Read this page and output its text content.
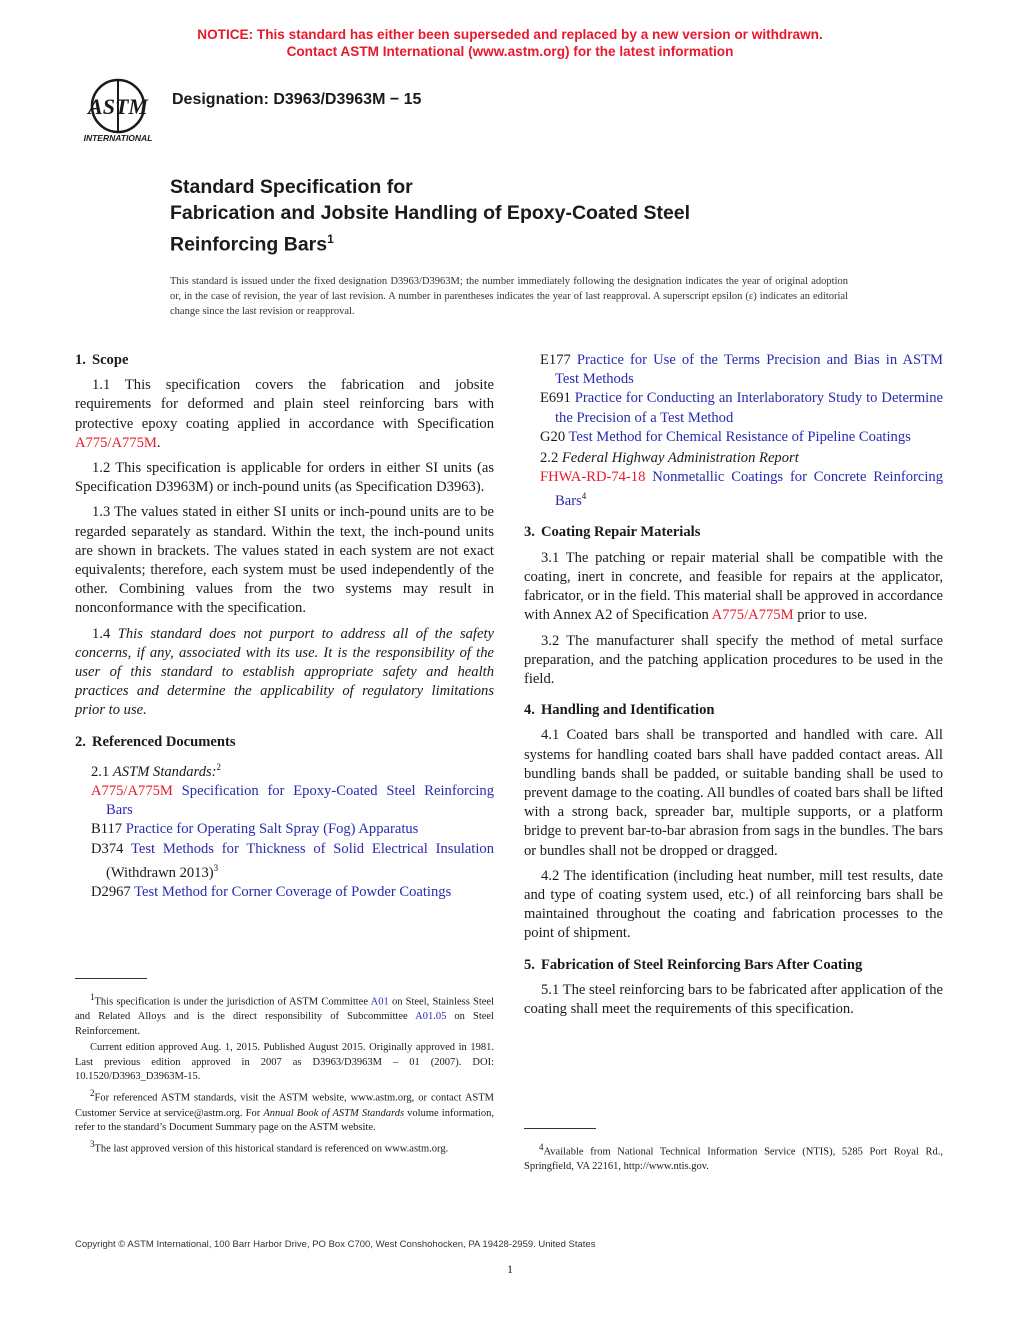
NOTICE: This standard has either been superseded and replaced by a new version or withdrawn.
Contact ASTM International (www.astm.org) for the latest information
ASTM
INTERNATIONAL
Designation: D3963/D3963M − 15
Standard Specification for
Fabrication and Jobsite Handling of Epoxy-Coated Steel
Reinforcing Bars$^1$
This standard is issued under the fixed designation D3963/D3963M; the number immediately following the designation indicates the year of original adoption or, in the case of revision, the year of last revision. A number in parentheses indicates the year of last reapproval. A superscript epsilon (ε) indicates an editorial change since the last revision or reapproval.
1. Scope

1.1 This specification covers the fabrication and jobsite requirements for deformed and plain steel reinforcing bars with protective epoxy coating applied in accordance with Specification A775/A775M.

1.2 This specification is applicable for orders in either SI units (as Specification D3963M) or inch-pound units (as Specification D3963).

1.3 The values stated in either SI units or inch-pound units are to be regarded separately as standard. Within the text, the inch-pound units are shown in brackets. The values stated in each system are not exact equivalents; therefore, each system must be used independently of the other. Combining values from the two systems may result in nonconformance with the specification.

1.4 This standard does not purport to address all of the safety concerns, if any, associated with its use. It is the responsibility of the user of this standard to establish appropriate safety and health practices and determine the applicability of regulatory limitations prior to use.

2. Referenced Documents
2.1 ASTM Standards:$^2$
A775/A775M Specification for Epoxy-Coated Steel Reinforcing Bars
B117 Practice for Operating Salt Spray (Fog) Apparatus
D374 Test Methods for Thickness of Solid Electrical Insulation (Withdrawn 2013)$^3$
D2967 Test Method for Corner Coverage of Powder Coatings

$^1$This specification is under the jurisdiction of ASTM Committee A01 on Steel, Stainless Steel and Related Alloys and is the direct responsibility of Subcommittee A01.05 on Steel Reinforcement.

Current edition approved Aug. 1, 2015. Published August 2015. Originally approved in 1981. Last previous edition approved in 2007 as D3963/D3963M – 01 (2007). DOI: 10.1520/D3963_D3963M-15.

$^2$For referenced ASTM standards, visit the ASTM website, www.astm.org, or contact ASTM Customer Service at service@astm.org. For Annual Book of ASTM Standards volume information, refer to the standard’s Document Summary page on the ASTM website.

$^3$The last approved version of this historical standard is referenced on www.astm.org.

E177 Practice for Use of the Terms Precision and Bias in ASTM Test Methods
E691 Practice for Conducting an Interlaboratory Study to Determine the Precision of a Test Method
G20 Test Method for Chemical Resistance of Pipeline Coatings
2.2 Federal Highway Administration Report
FHWA-RD-74-18 Nonmetallic Coatings for Concrete Reinforcing Bars$^4$
3. Coating Repair Materials

3.1 The patching or repair material shall be compatible with the coating, inert in concrete, and feasible for repairs at the applicator, fabricator, or in the field. This material shall be approved in accordance with Annex A2 of Specification A775/A775M prior to use.

3.2 The manufacturer shall specify the method of metal surface preparation, and the patching application procedures to be used in the field.

4. Handling and Identification

4.1 Coated bars shall be transported and handled with care. All systems for handling coated bars shall have padded contact areas. All bundling bands shall be padded, or suitable banding shall be used to prevent damage to the coating. All bundles of coated bars shall be lifted with a strong back, spreader bar, multiple supports, or a platform bridge to prevent bar-to-bar abrasion from sags in the bundles. The bars or bundles shall not be dropped or dragged.

4.2 The identification (including heat number, mill test results, date and type of coating system used, etc.) of all reinforcing bars shall be maintained throughout the coating and fabrication processes to the point of shipment.

5. Fabrication of Steel Reinforcing Bars After Coating

5.1 The steel reinforcing bars to be fabricated after application of the coating shall meet the requirements of this specification.

$^4$Available from National Technical Information Service (NTIS), 5285 Port Royal Rd., Springfield, VA 22161, http://www.ntis.gov.

Copyright © ASTM International, 100 Barr Harbor Drive, PO Box C700, West Conshohocken, PA 19428-2959. United States
1
